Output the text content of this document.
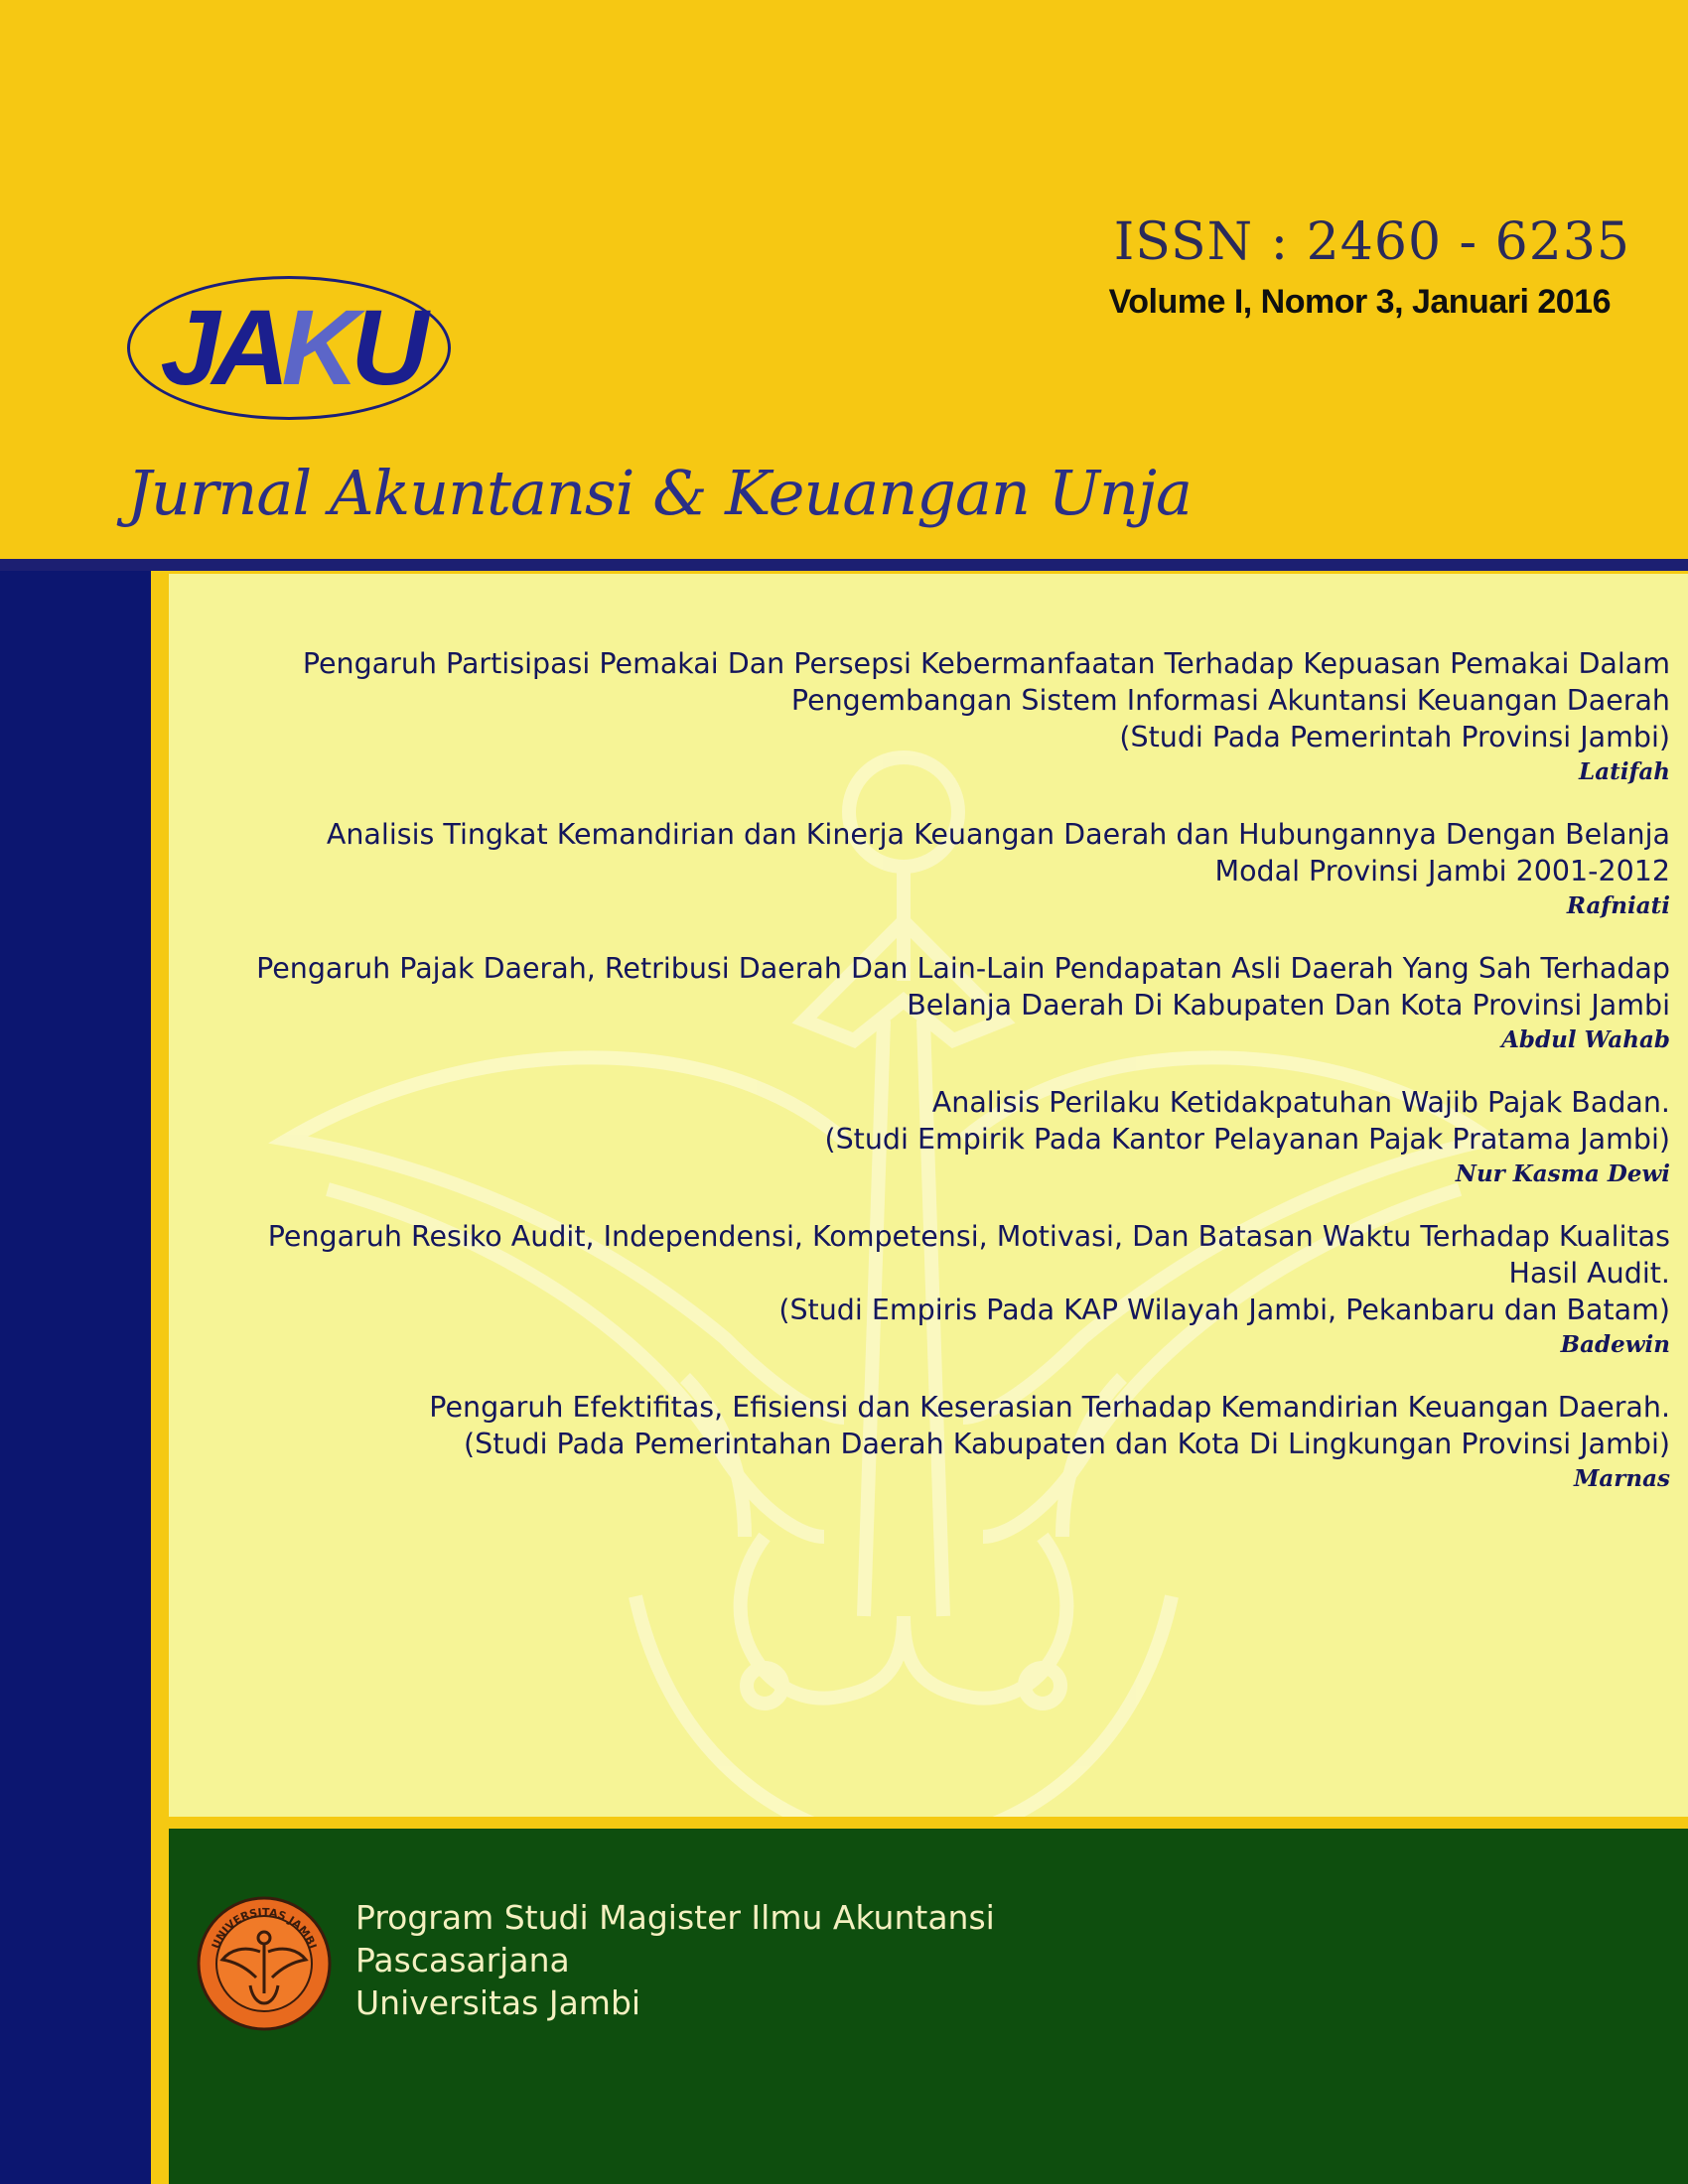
ISSN : 2460 - 6235
Volume I, Nomor 3, Januari 2016
JAKU
Jurnal Akuntansi & Keuangan Unja
Pengaruh Partisipasi Pemakai Dan Persepsi Kebermanfaatan Terhadap Kepuasan Pemakai Dalam
Pengembangan Sistem Informasi Akuntansi Keuangan Daerah
(Studi Pada Pemerintah Provinsi Jambi)
Latifah
Analisis Tingkat Kemandirian dan Kinerja Keuangan Daerah dan Hubungannya Dengan Belanja
Modal Provinsi Jambi 2001-2012
Rafniati
Pengaruh Pajak Daerah, Retribusi Daerah Dan Lain-Lain Pendapatan Asli Daerah Yang Sah Terhadap
Belanja Daerah Di Kabupaten Dan Kota Provinsi Jambi
Abdul Wahab
Analisis Perilaku Ketidakpatuhan Wajib Pajak Badan.
(Studi Empirik Pada Kantor Pelayanan Pajak Pratama Jambi)
Nur Kasma Dewi
Pengaruh Resiko Audit, Independensi, Kompetensi, Motivasi, Dan Batasan Waktu Terhadap Kualitas
Hasil Audit.
(Studi Empiris Pada KAP Wilayah Jambi, Pekanbaru dan Batam)
Badewin
Pengaruh Efektifitas, Efisiensi dan Keserasian Terhadap Kemandirian Keuangan Daerah.
(Studi Pada Pemerintahan Daerah Kabupaten dan Kota Di Lingkungan Provinsi Jambi)
Marnas
UNIVERSITAS JAMBI
Program Studi Magister Ilmu Akuntansi
Pascasarjana
Universitas Jambi
